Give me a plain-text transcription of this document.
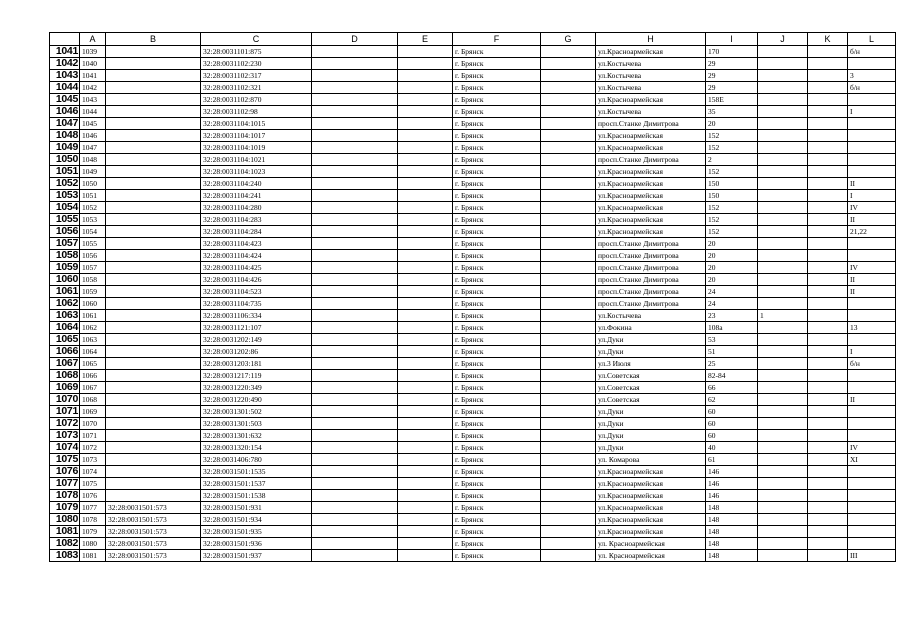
	A	B	C	D	E	F	G	H	I	J	K	L
1041	1039		32:28:0031101:875			г. Брянск		ул.Красноармейская	170			б/н
1042	1040		32:28:0031102:230			г. Брянск		ул.Костычева	29			
1043	1041		32:28:0031102:317			г. Брянск		ул.Костычева	29			3
1044	1042		32:28:0031102:321			г. Брянск		ул.Костычева	29			б/н
1045	1043		32:28:0031102:870			г. Брянск		ул.Красноармейская	158Е			
1046	1044		32:28:0031102:98			г. Брянск		ул.Костычева	35			I
1047	1045		32:28:0031104:1015			г. Брянск		просп.Станке Димитрова	20			
1048	1046		32:28:0031104:1017			г. Брянск		ул.Красноармейская	152			
1049	1047		32:28:0031104:1019			г. Брянск		ул.Красноармейская	152			
1050	1048		32:28:0031104:1021			г. Брянск		просп.Станке Димитрова	2			
1051	1049		32:28:0031104:1023			г. Брянск		ул.Красноармейская	152			
1052	1050		32:28:0031104:240			г. Брянск		ул.Красноармейская	150			II
1053	1051		32:28:0031104:241			г. Брянск		ул.Красноармейская	150			I
1054	1052		32:28:0031104:280			г. Брянск		ул.Красноармейская	152			IV
1055	1053		32:28:0031104:283			г. Брянск		ул.Красноармейская	152			II
1056	1054		32:28:0031104:284			г. Брянск		ул.Красноармейская	152			21,22
1057	1055		32:28:0031104:423			г. Брянск		просп.Станке Димитрова	20			
1058	1056		32:28:0031104:424			г. Брянск		просп.Станке Димитрова	20			
1059	1057		32:28:0031104:425			г. Брянск		просп.Станке Димитрова	20			IV
1060	1058		32:28:0031104:426			г. Брянск		просп.Станке Димитрова	20			II
1061	1059		32:28:0031104:523			г. Брянск		просп.Станке Димитрова	24			II
1062	1060		32:28:0031104:735			г. Брянск		просп.Станке Димитрова	24			
1063	1061		32:28:0031106:334			г. Брянск		ул.Костычева	23	1		
1064	1062		32:28:0031121:107			г. Брянск		ул.Фокина	108а			13
1065	1063		32:28:0031202:149			г. Брянск		ул.Дуки	53			
1066	1064		32:28:0031202:86			г. Брянск		ул.Дуки	51			I
1067	1065		32:28:0031203:181			г. Брянск		ул.3 Июля	25			б/н
1068	1066		32:28:0031217:119			г. Брянск		ул.Советская	82-84			
1069	1067		32:28:0031220:349			г. Брянск		ул.Советская	66			
1070	1068		32:28:0031220:490			г. Брянск		ул.Советская	62			II
1071	1069		32:28:0031301:502			г. Брянск		ул.Дуки	60			
1072	1070		32:28:0031301:503			г. Брянск		ул.Дуки	60			
1073	1071		32:28:0031301:632			г. Брянск		ул.Дуки	60			
1074	1072		32:28:0031320:154			г. Брянск		ул.Дуки	40			IV
1075	1073		32:28:0031406:780			г. Брянск		ул. Комарова	61			XI
1076	1074		32:28:0031501:1535			г. Брянск		ул.Красноармейская	146			
1077	1075		32:28:0031501:1537			г. Брянск		ул.Красноармейская	146			
1078	1076		32:28:0031501:1538			г. Брянск		ул.Красноармейская	146			
1079	1077	32:28:0031501:573	32:28:0031501:931			г. Брянск		ул.Красноармейская	148			
1080	1078	32:28:0031501:573	32:28:0031501:934			г. Брянск		ул.Красноармейская	148			
1081	1079	32:28:0031501:573	32:28:0031501:935			г. Брянск		ул.Красноармейская	148			
1082	1080	32:28:0031501:573	32:28:0031501:936			г. Брянск		ул. Красноармейская	148			
1083	1081	32:28:0031501:573	32:28:0031501:937			г. Брянск		ул. Красноармейская	148			III
